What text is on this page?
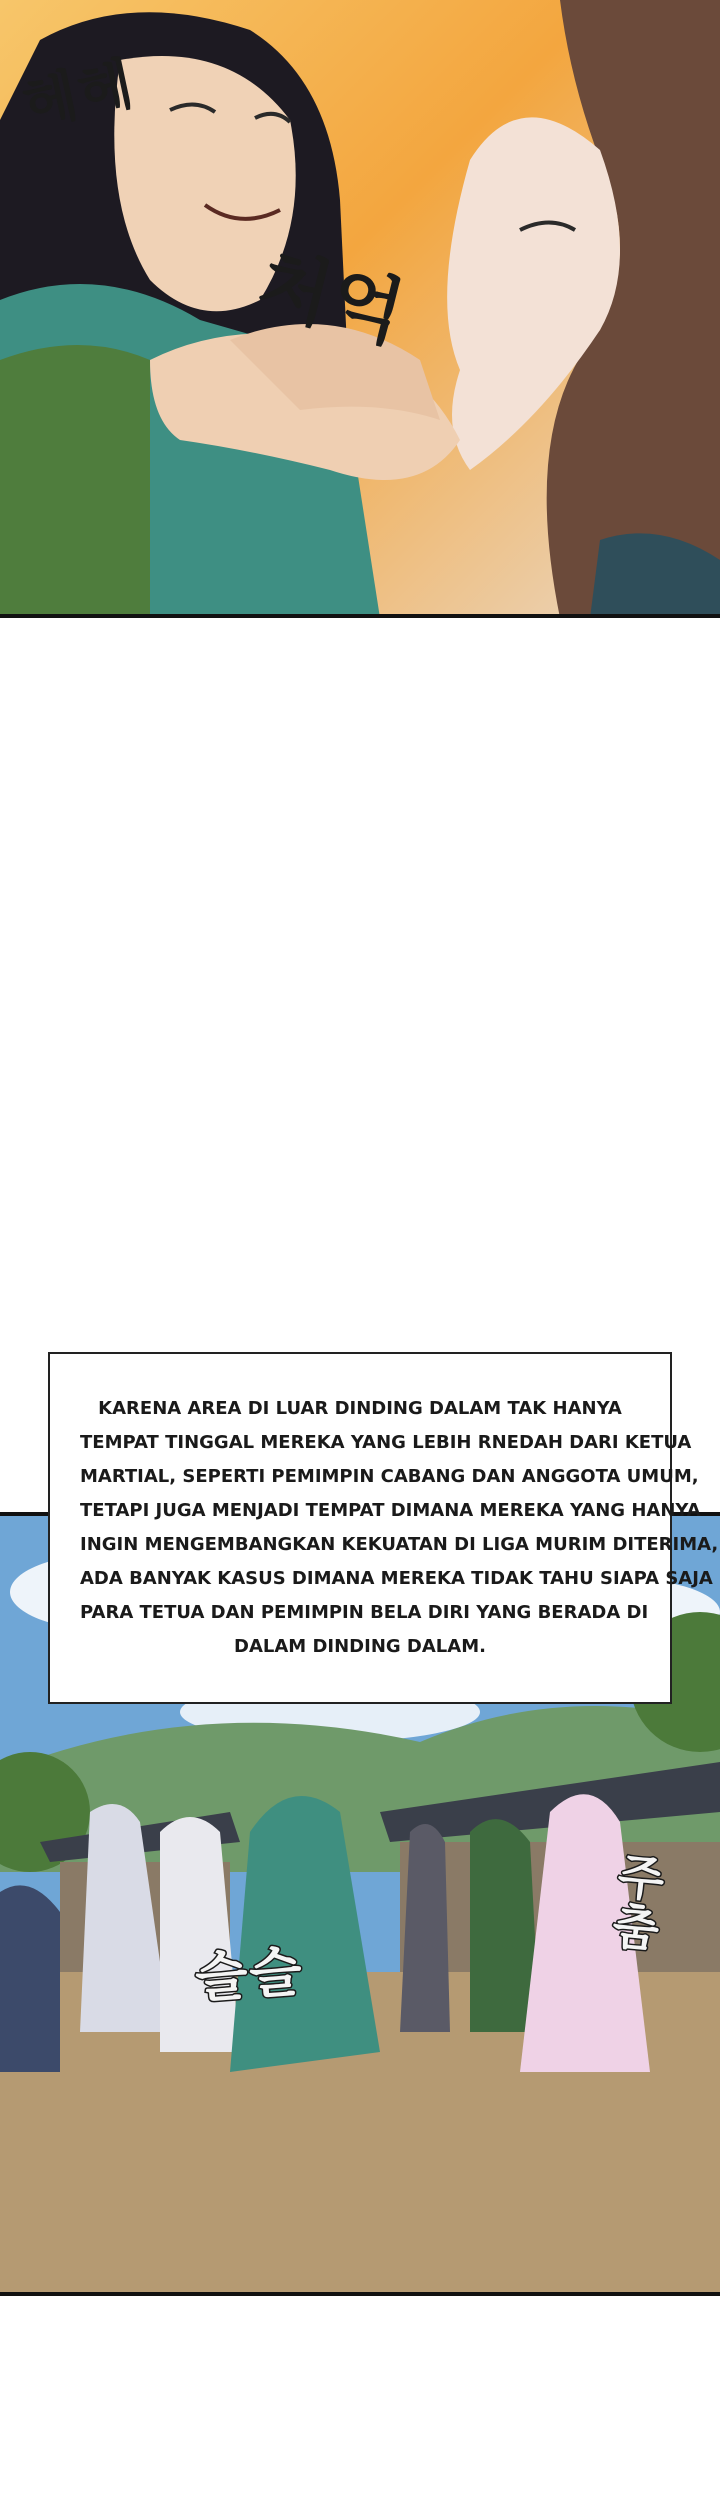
헤헤
처억
슬슬
주춤

KARENA AREA DI LUAR DINDING DALAM TAK HANYA
TEMPAT TINGGAL MEREKA YANG LEBIH RNEDAH DARI KETUA
MARTIAL, SEPERTI PEMIMPIN CABANG DAN ANGGOTA UMUM,
TETAPI JUGA MENJADI TEMPAT DIMANA MEREKA YANG HANYA
INGIN MENGEMBANGKAN KEKUATAN DI LIGA MURIM DITERIMA,
ADA BANYAK KASUS DIMANA MEREKA TIDAK TAHU SIAPA SAJA
PARA TETUA DAN PEMIMPIN BELA DIRI YANG BERADA DI
DALAM DINDING DALAM.
